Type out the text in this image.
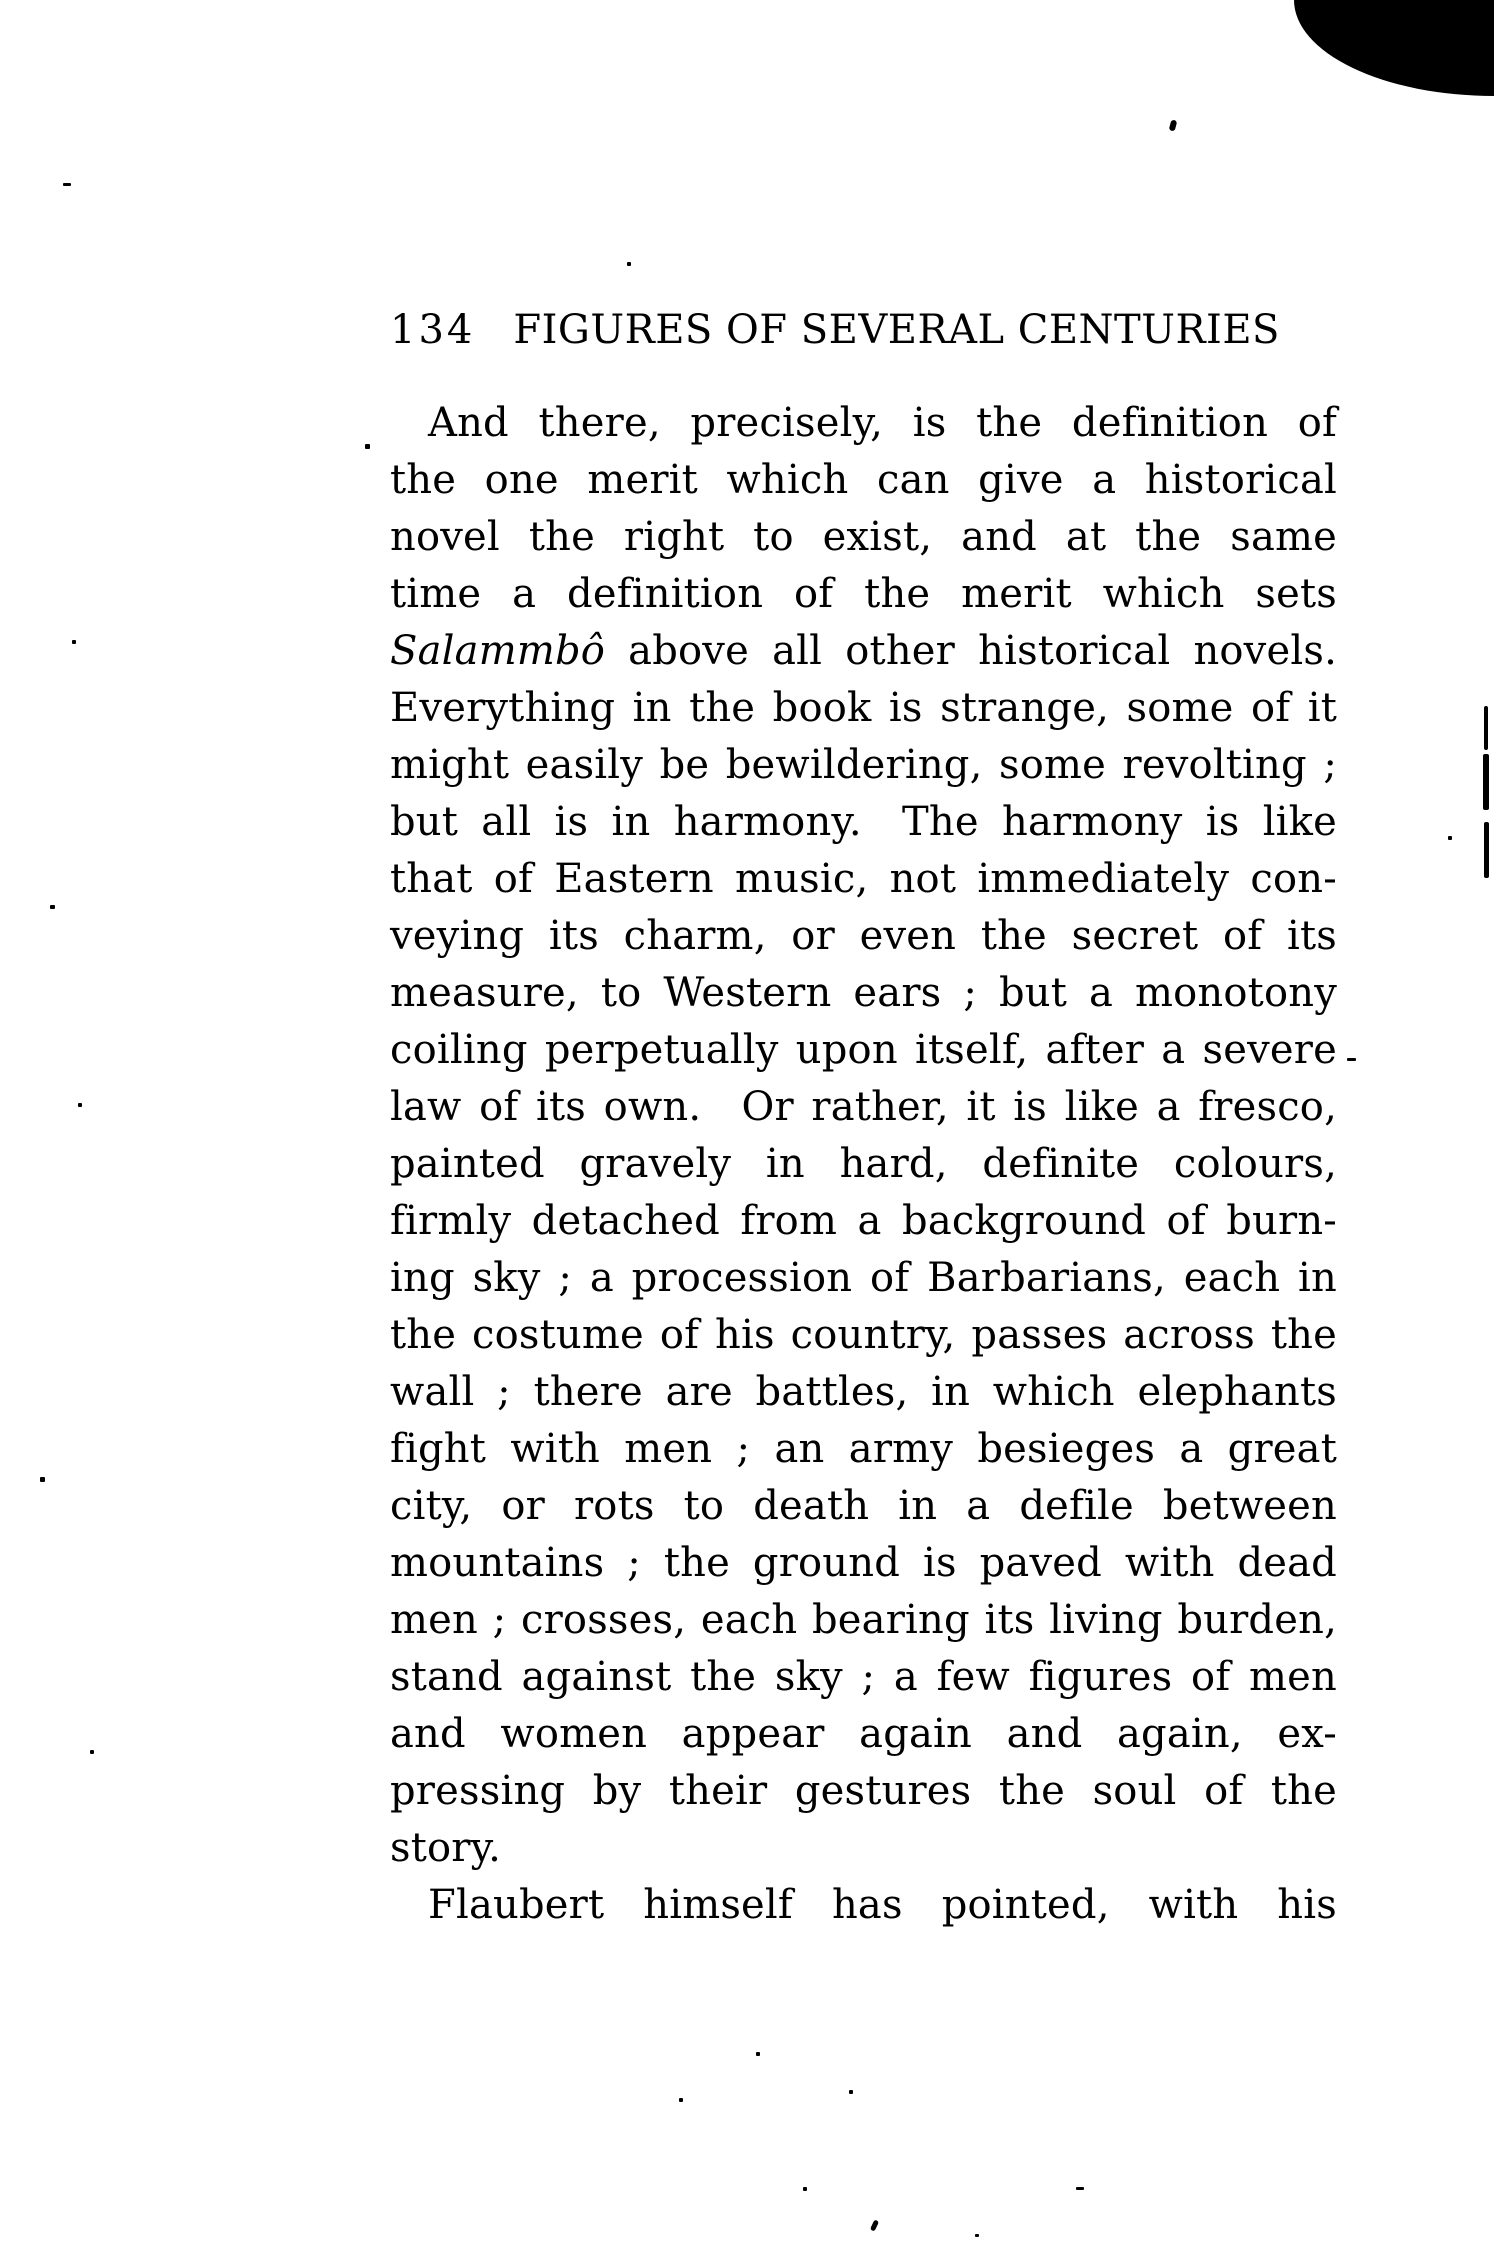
134 FIGURES OF SEVERAL CENTURIES
And there, precisely, is the definition of
the one merit which can give a historical
novel the right to exist, and at the same
time a definition of the merit which sets
Salammbô above all other historical novels.
Everything in the book is strange, some of it
might easily be bewildering, some revolting ;
but all is in harmony. The harmony is like
that of Eastern music, not immediately con-
veying its charm, or even the secret of its
measure, to Western ears ; but a monotony
coiling perpetually upon itself, after a severe
law of its own. Or rather, it is like a fresco,
painted gravely in hard, definite colours,
firmly detached from a background of burn-
ing sky ; a procession of Barbarians, each in
the costume of his country, passes across the
wall ; there are battles, in which elephants
fight with men ; an army besieges a great
city, or rots to death in a defile between
mountains ; the ground is paved with dead
men ; crosses, each bearing its living burden,
stand against the sky ; a few figures of men
and women appear again and again, ex-
pressing by their gestures the soul of the
story.
Flaubert himself has pointed, with his
